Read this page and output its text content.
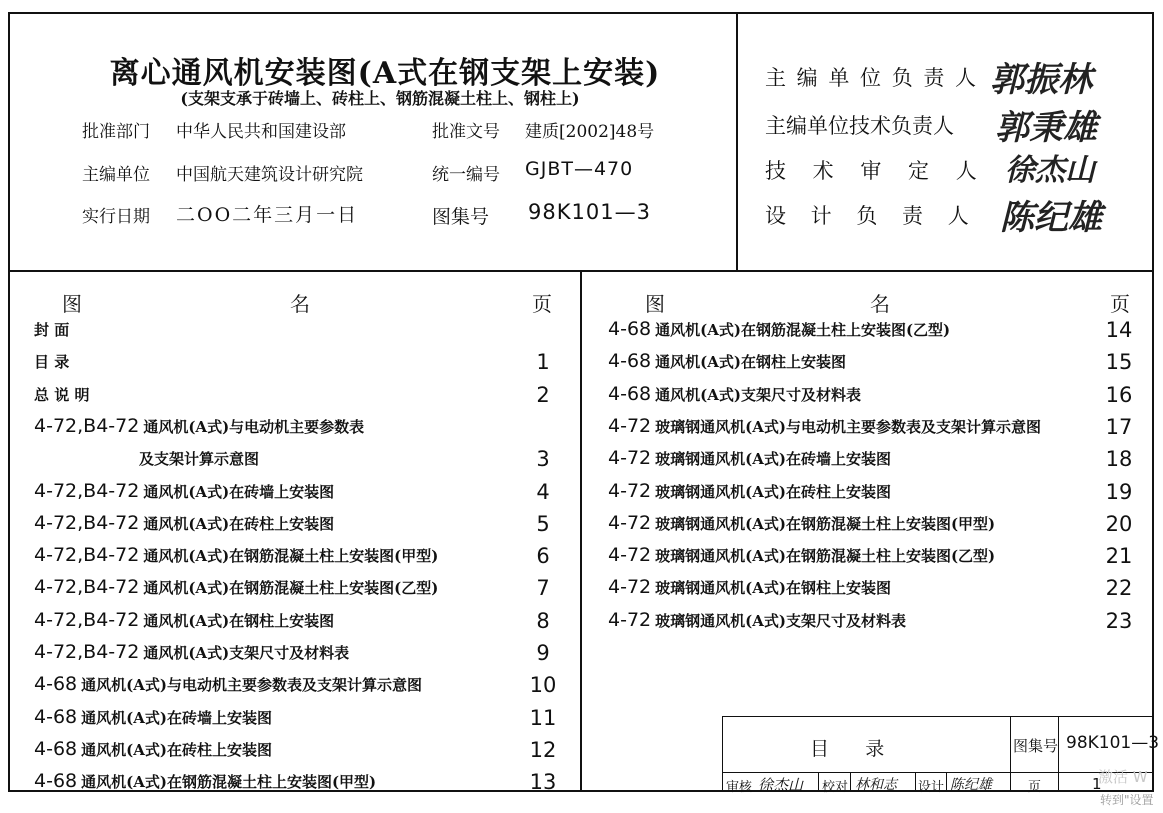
离心通风机安装图(A式在钢支架上安装)
(支架支承于砖墙上、砖柱上、钢筋混凝土柱上、钢柱上)
批准部门 中华人民共和国建设部	批准文号 建质[2002]48号
主编单位 中国航天建筑设计研究院	统一编号 GJBT—470
实行日期 二OO二年三月一日	图集号 98K101—3
主 编 单 位 负 责 人 郭振林
主编单位技术负责人 郭秉雄
技 术 审 定 人 徐杰山
设 计 负 责 人 陈纪雄
图	名	页	图	名	页
封 面
目 录	1
总 说 明	2
4-72,B4-72 通风机(A式)与电动机主要参数表
及支架计算示意图	3
4-72,B4-72 通风机(A式)在砖墙上安装图	4
4-72,B4-72 通风机(A式)在砖柱上安装图	5
4-72,B4-72 通风机(A式)在钢筋混凝土柱上安装图(甲型)	6
4-72,B4-72 通风机(A式)在钢筋混凝土柱上安装图(乙型)	7
4-72,B4-72 通风机(A式)在钢柱上安装图	8
4-72,B4-72 通风机(A式)支架尺寸及材料表	9
4-68 通风机(A式)与电动机主要参数表及支架计算示意图	10
4-68 通风机(A式)在砖墙上安装图	11
4-68 通风机(A式)在砖柱上安装图	12
4-68 通风机(A式)在钢筋混凝土柱上安装图(甲型)	13
4-68 通风机(A式)在钢筋混凝土柱上安装图(乙型)	14
4-68 通风机(A式)在钢柱上安装图	15
4-68 通风机(A式)支架尺寸及材料表	16
4-72 玻璃钢通风机(A式)与电动机主要参数表及支架计算示意图	17
4-72 玻璃钢通风机(A式)在砖墙上安装图	18
4-72 玻璃钢通风机(A式)在砖柱上安装图	19
4-72 玻璃钢通风机(A式)在钢筋混凝土柱上安装图(甲型)	20
4-72 玻璃钢通风机(A式)在钢筋混凝土柱上安装图(乙型)	21
4-72 玻璃钢通风机(A式)在钢柱上安装图	22
4-72 玻璃钢通风机(A式)支架尺寸及材料表	23
目      录	图集号 98K101—3
审核 徐杰山 校对 林和志 设计 陈纪雄	页	1
激活 W
转到"设置
